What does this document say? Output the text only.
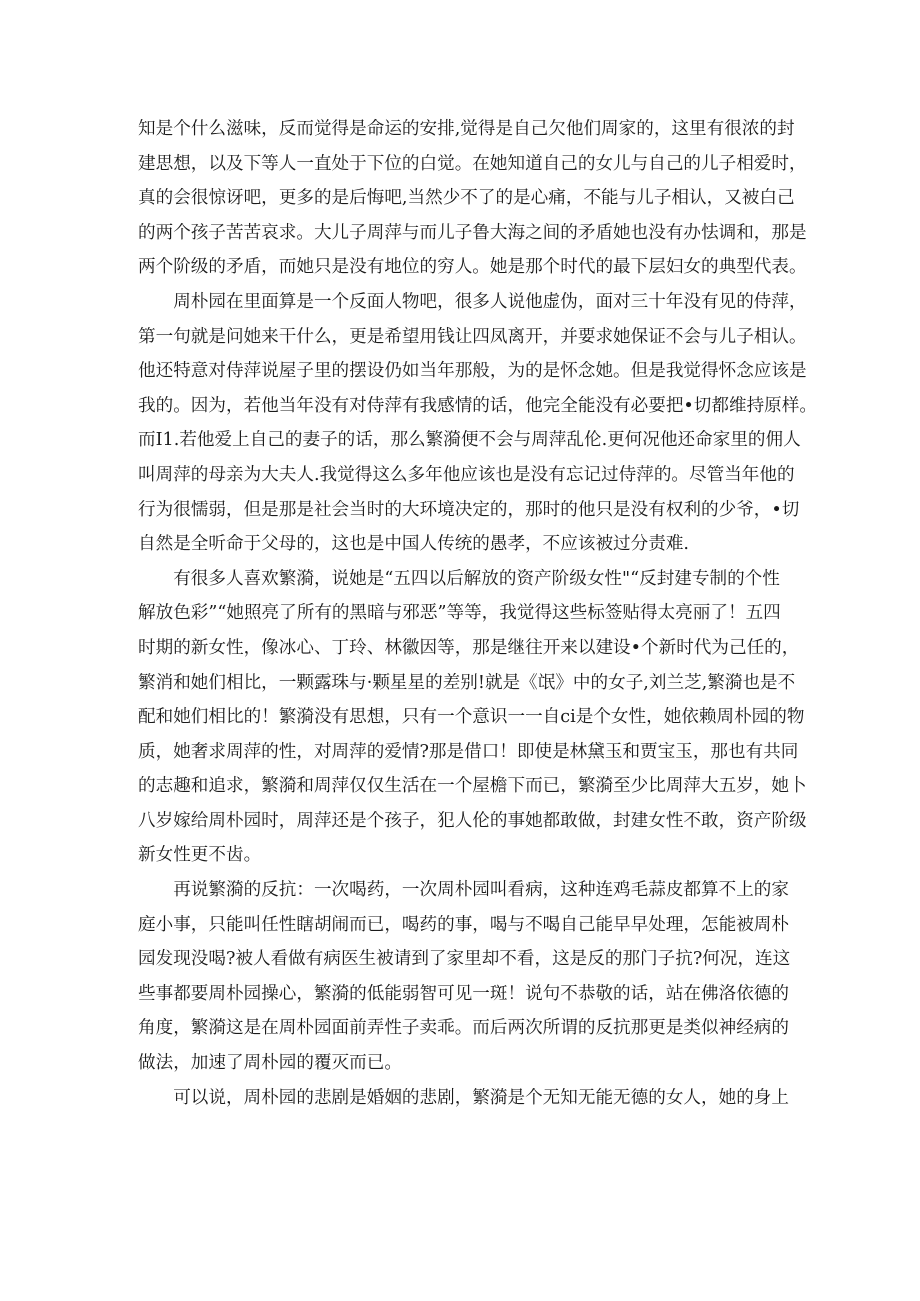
知是个什么滋味，反而觉得是命运的安排,觉得是自己欠他们周家的，这里有很浓的封
建思想，以及下等人一直处于下位的白觉。在她知道自己的女儿与自己的儿子相爱时，
真的会很惊讶吧，更多的是后悔吧,当然少不了的是心痛，不能与儿子相认，又被白己
的两个孩子苦苦哀求。大儿子周萍与而儿子鲁大海之间的矛盾她也没有办怯调和，那是
两个阶级的矛盾，而她只是没有地位的穷人。她是那个时代的最下层妇女的典型代表。
　　周朴园在里面算是一个反面人物吧，很多人说他虚伪，面对三十年没有见的侍萍，
第一句就是问她来干什么，更是希望用钱让四凤离开，并要求她保证不会与儿子相认。
他还特意对侍萍说屋子里的摆设仍如当年那般，为的是怀念她。但是我觉得怀念应该是
我的。因为，若他当年没有对侍萍有我感情的话，他完全能没有必要把•切都维持原样。
而I1.若他爱上自己的妻子的话，那么繁漪便不会与周萍乱伦.更何况他还命家里的佣人
叫周萍的母亲为大夫人.我觉得这么多年他应该也是没有忘记过侍萍的。尽管当年他的
行为很懦弱，但是那是社会当时的大环境决定的，那时的他只是没有权利的少爷，•切
自然是全听命于父母的，这也是中国人传统的愚孝，不应该被过分责难.
　　有很多人喜欢繁漪，说她是“五四以后解放的资产阶级女性"“反封建专制的个性
解放色彩”“她照亮了所有的黑暗与邪恶”等等，我觉得这些标签贴得太亮丽了！五四
时期的新女性，像冰心、丁玲、林徽因等，那是继往开来以建设•个新时代为己任的，
繁消和她们相比，一颗露珠与·颗星星的差别!就是《氓》中的女子,刘兰芝,繁漪也是不
配和她们相比的！繁漪没有思想，只有一个意识一一自ci是个女性，她依赖周朴园的物
质，她奢求周萍的性，对周萍的爱情?那是借口！即使是林黛玉和贾宝玉，那也有共同
的志趣和追求，繁漪和周萍仅仅生活在一个屋檐下而已，繁漪至少比周萍大五岁，她卜
八岁嫁给周朴园时，周萍还是个孩子，犯人伦的事她都敢做，封建女性不敢，资产阶级
新女性更不齿。
　　再说繁漪的反抗：一次喝药，一次周朴园叫看病，这种连鸡毛蒜皮都算不上的家
庭小事，只能叫任性瞎胡闹而已，喝药的事，喝与不喝自己能早早处理，怎能被周朴
园发现没喝?被人看做有病医生被请到了家里却不看，这是反的那门子抗?何况，连这
些事都要周朴园操心，繁漪的低能弱智可见一斑！说句不恭敬的话，站在佛洛依德的
角度，繁漪这是在周朴园面前弄性子卖乖。而后两次所谓的反抗那更是类似神经病的
做法，加速了周朴园的覆灭而已。
　　可以说，周朴园的悲剧是婚姻的悲剧，繁漪是个无知无能无德的女人，她的身上
